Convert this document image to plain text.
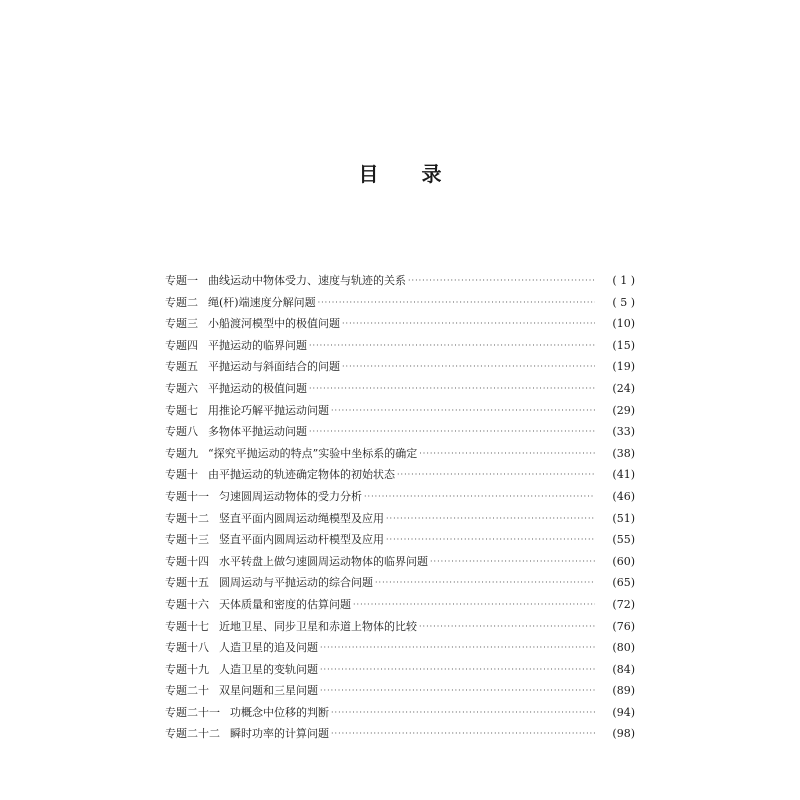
目 录
专题一 曲线运动中物体受力、速度与轨迹的关系 ·····	( 1 )
专题二 绳(杆)端速度分解问题 ·····	( 5 )
专题三 小船渡河模型中的极值问题 ·····	( 10 )
专题四 平抛运动的临界问题 ·····	( 15 )
专题五 平抛运动与斜面结合的问题 ·····	( 19 )
专题六 平抛运动的极值问题 ·····	( 24 )
专题七 用推论巧解平抛运动问题 ·····	( 29 )
专题八 多物体平抛运动问题 ·····	( 33 )
专题九 “探究平抛运动的特点”实验中坐标系的确定 ·····	( 38 )
专题十 由平抛运动的轨迹确定物体的初始状态 ·····	( 41 )
专题十一 匀速圆周运动物体的受力分析 ·····	( 46 )
专题十二 竖直平面内圆周运动绳模型及应用 ·····	( 51 )
专题十三 竖直平面内圆周运动杆模型及应用 ·····	( 55 )
专题十四 水平转盘上做匀速圆周运动物体的临界问题 ·····	( 60 )
专题十五 圆周运动与平抛运动的综合问题 ·····	( 65 )
专题十六 天体质量和密度的估算问题 ·····	( 72 )
专题十七 近地卫星、同步卫星和赤道上物体的比较 ·····	( 76 )
专题十八 人造卫星的追及问题 ·····	( 80 )
专题十九 人造卫星的变轨问题 ·····	( 84 )
专题二十 双星问题和三星问题 ·····	( 89 )
专题二十一 功概念中位移的判断 ·····	( 94 )
专题二十二 瞬时功率的计算问题 ·····	( 98 )
